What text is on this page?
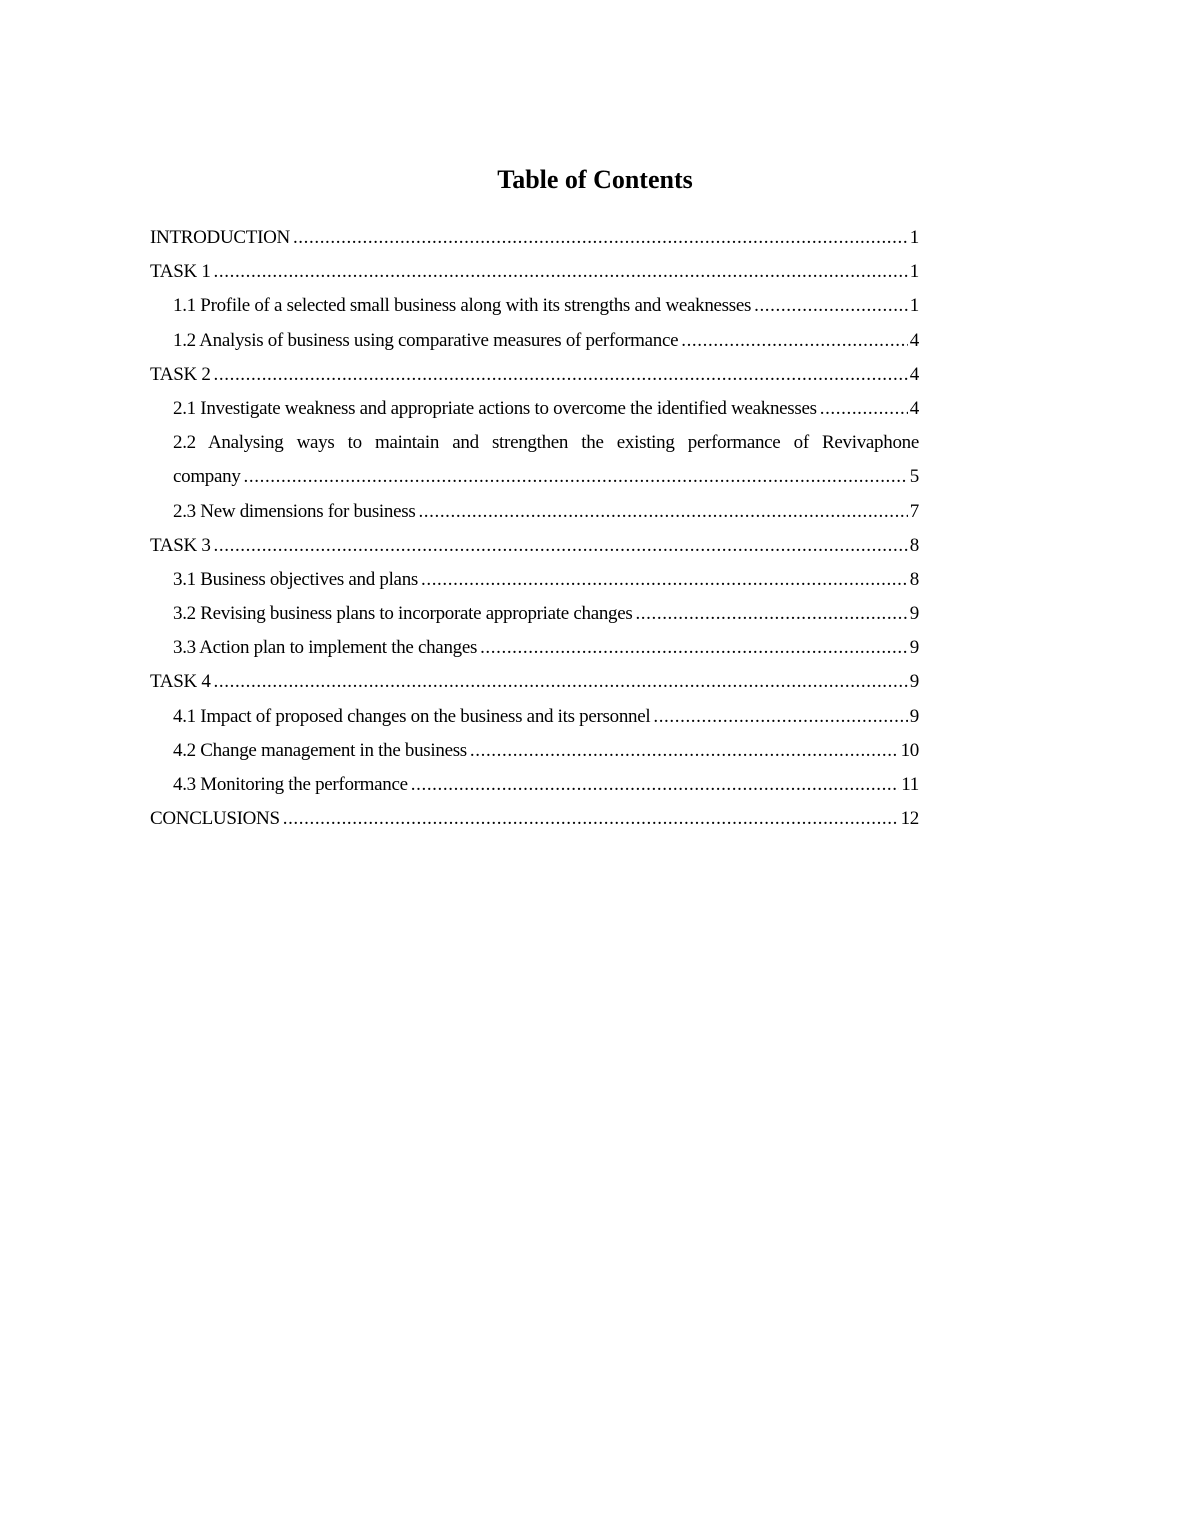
Table of Contents
INTRODUCTION .....	1
TASK 1 .....	1
1.1 Profile of a selected small business along with its strengths and weaknesses .....	1
1.2 Analysis of business using comparative measures of performance .....	4
TASK 2 .....	4
2.1 Investigate weakness and appropriate actions to overcome the identified weaknesses .....	4
2.2 Analysing ways to maintain and strengthen the existing performance of Revivaphone
company .....	5
2.3 New dimensions for business .....	7
TASK 3 .....	8
3.1 Business objectives and plans .....	8
3.2 Revising business plans to incorporate appropriate changes .....	9
3.3 Action plan to implement the changes .....	9
TASK 4 .....	9
4.1 Impact of proposed changes on the business and its personnel .....	9
4.2 Change management in the business .....	10
4.3 Monitoring the performance .....	11
CONCLUSIONS .....	12
